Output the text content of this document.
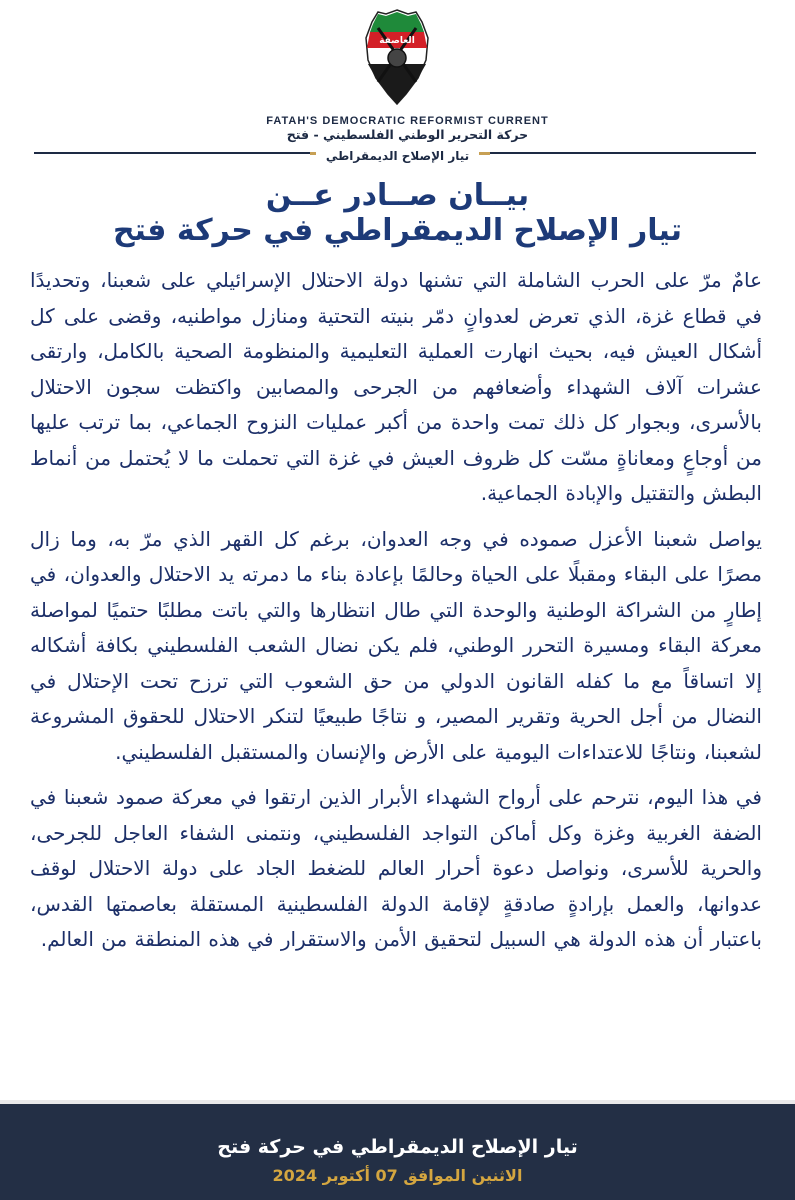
العاصفة
FATAH'S DEMOCRATIC REFORMIST CURRENT
حركة التحرير الوطني الفلسطيني - فتح
تيار الإصلاح الديمقراطي
بيــان صــادر عــن
تيار الإصلاح الديمقراطي في حركة فتح

عامٌ مرّ على الحرب الشاملة التي تشنها دولة الاحتلال الإسرائيلي على شعبنا، وتحديدًا في قطاع غزة، الذي تعرض لعدوانٍ دمّر بنيته التحتية ومنازل مواطنيه، وقضى على كل أشكال العيش فيه، بحيث انهارت العملية التعليمية والمنظومة الصحية بالكامل، وارتقى عشرات آلاف الشهداء وأضعافهم من الجرحى والمصابين واكتظت سجون الاحتلال بالأسرى، وبجوار كل ذلك تمت واحدة من أكبر عمليات النزوح الجماعي، بما ترتب عليها من أوجاعٍ ومعاناةٍ مسّت كل ظروف العيش في غزة التي تحملت ما لا يُحتمل من أنماط البطش والتقتيل والإبادة الجماعية.

يواصل شعبنا الأعزل صموده في وجه العدوان، برغم كل القهر الذي مرّ به، وما زال مصرًا على البقاء ومقبلًا على الحياة وحالمًا بإعادة بناء ما دمرته يد الاحتلال والعدوان، في إطارٍ من الشراكة الوطنية والوحدة التي طال انتظارها والتي باتت مطلبًا حتميًا لمواصلة معركة البقاء ومسيرة التحرر الوطني، فلم يكن نضال الشعب الفلسطيني بكافة أشكاله إلا اتساقاً مع ما كفله القانون الدولي من حق الشعوب التي ترزح تحت الإحتلال في النضال من أجل الحرية وتقرير المصير، و نتاجًا طبيعيًا لتنكر الاحتلال للحقوق المشروعة لشعبنا، ونتاجًا للاعتداءات اليومية على الأرض والإنسان والمستقبل الفلسطيني.

في هذا اليوم، نترحم على أرواح الشهداء الأبرار الذين ارتقوا في معركة صمود شعبنا في الضفة الغربية وغزة وكل أماكن التواجد الفلسطيني، ونتمنى الشفاء العاجل للجرحى، والحرية للأسرى، ونواصل دعوة أحرار العالم للضغط الجاد على دولة الاحتلال لوقف عدوانها، والعمل بإرادةٍ صادقةٍ لإقامة الدولة الفلسطينية المستقلة بعاصمتها القدس، باعتبار أن هذه الدولة هي السبيل لتحقيق الأمن والاستقرار في هذه المنطقة من العالم.

تيار الإصلاح الديمقراطي في حركة فتح
الاثنين الموافق 07 أكتوبر 2024
